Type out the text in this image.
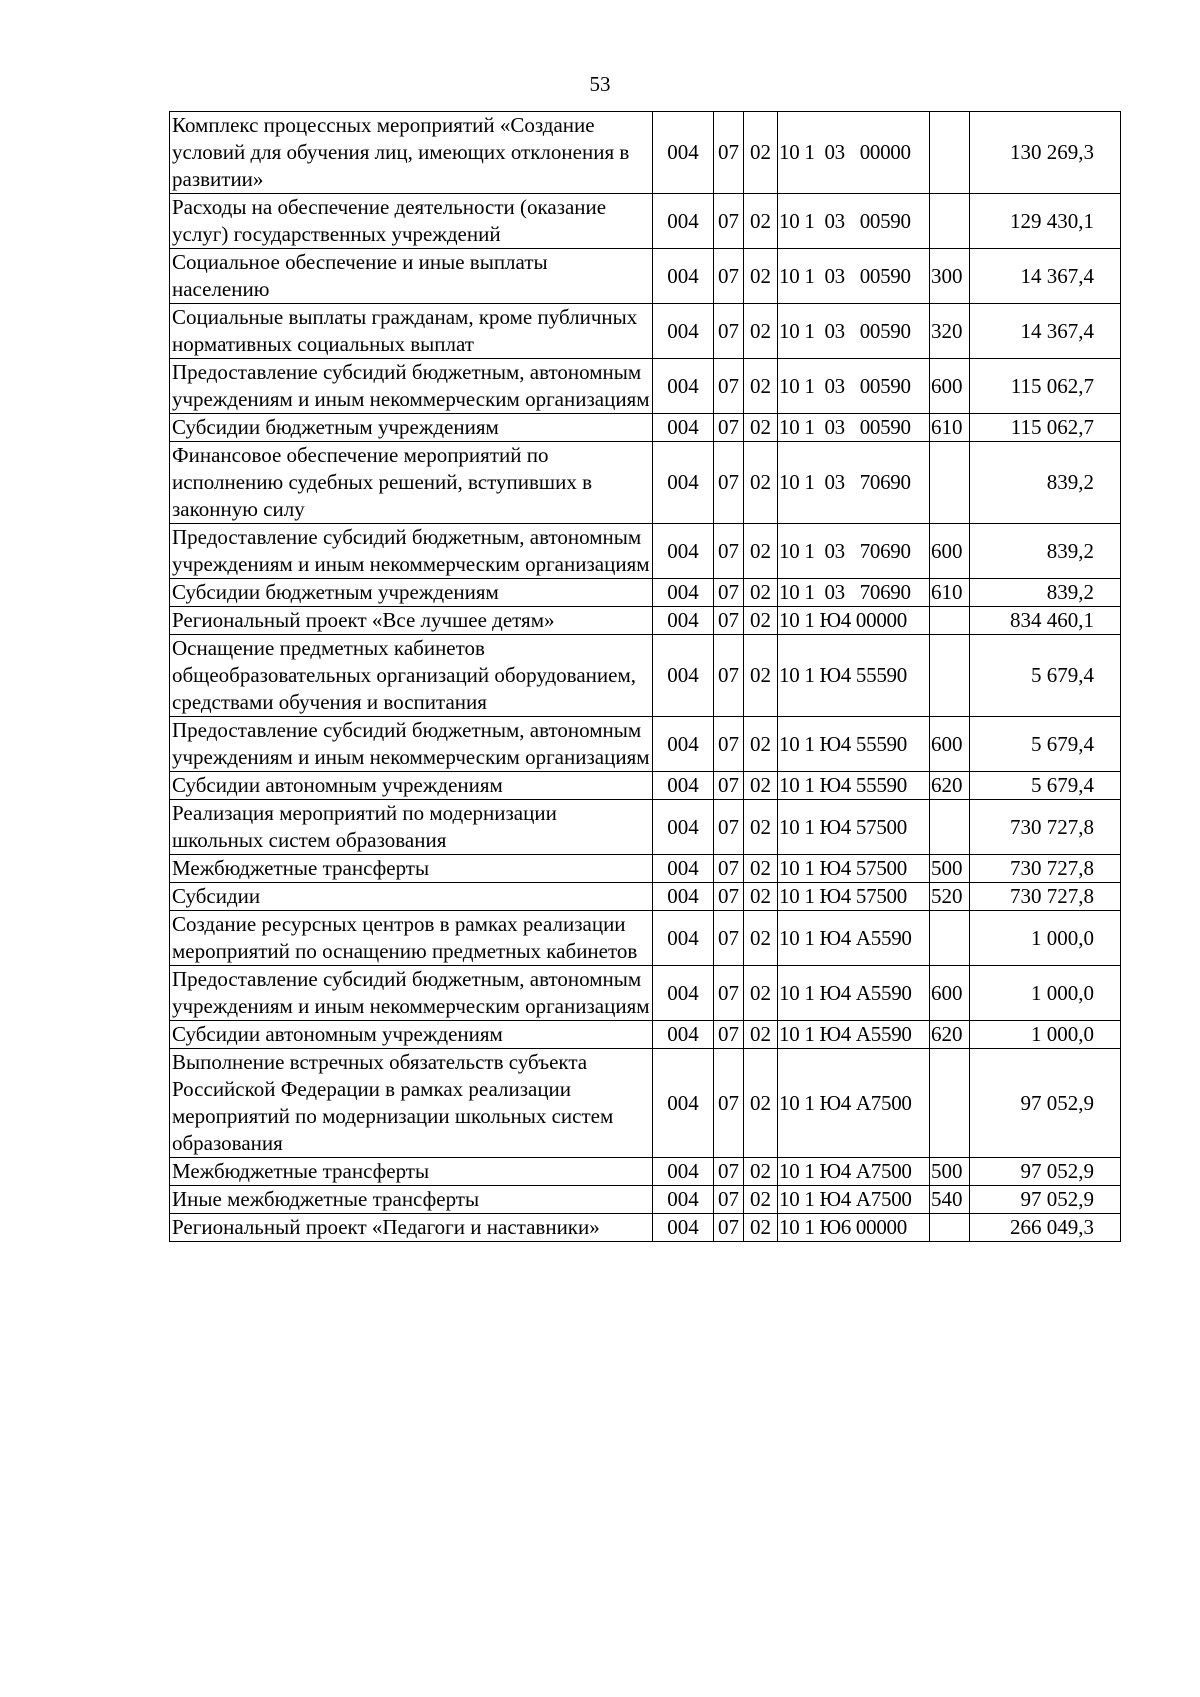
53
Комплекс процессных мероприятий «Создание условий для обучения лиц, имеющих отклонения в развитии»	004	07	02	10 1  03   00000		130 269,3
Расходы на обеспечение деятельности (оказание услуг) государственных учреждений	004	07	02	10 1  03   00590		129 430,1
Социальное обеспечение и иные выплаты населению	004	07	02	10 1  03   00590	300	14 367,4
Социальные выплаты гражданам, кроме публичных нормативных социальных выплат	004	07	02	10 1  03   00590	320	14 367,4
Предоставление субсидий бюджетным, автономным учреждениям и иным некоммерческим организациям	004	07	02	10 1  03   00590	600	115 062,7
Субсидии бюджетным учреждениям	004	07	02	10 1  03   00590	610	115 062,7
Финансовое обеспечение мероприятий по исполнению судебных решений, вступивших в законную силу	004	07	02	10 1  03   70690		839,2
Предоставление субсидий бюджетным, автономным учреждениям и иным некоммерческим организациям	004	07	02	10 1  03   70690	600	839,2
Субсидии бюджетным учреждениям	004	07	02	10 1  03   70690	610	839,2
Региональный проект «Все лучшее детям»	004	07	02	10 1 Ю4 00000		834 460,1
Оснащение предметных кабинетов общеобразовательных организаций оборудованием, средствами обучения и воспитания	004	07	02	10 1 Ю4 55590		5 679,4
Предоставление субсидий бюджетным, автономным учреждениям и иным некоммерческим организациям	004	07	02	10 1 Ю4 55590	600	5 679,4
Субсидии автономным учреждениям	004	07	02	10 1 Ю4 55590	620	5 679,4
Реализация мероприятий по модернизации школьных систем образования	004	07	02	10 1 Ю4 57500		730 727,8
Межбюджетные трансферты	004	07	02	10 1 Ю4 57500	500	730 727,8
Субсидии	004	07	02	10 1 Ю4 57500	520	730 727,8
Создание ресурсных центров в рамках реализации мероприятий по оснащению предметных кабинетов	004	07	02	10 1 Ю4 А5590		1 000,0
Предоставление субсидий бюджетным, автономным учреждениям и иным некоммерческим организациям	004	07	02	10 1 Ю4 А5590	600	1 000,0
Субсидии автономным учреждениям	004	07	02	10 1 Ю4 А5590	620	1 000,0
Выполнение встречных обязательств субъекта Российской Федерации в рамках реализации мероприятий по модернизации школьных систем образования	004	07	02	10 1 Ю4 А7500		97 052,9
Межбюджетные трансферты	004	07	02	10 1 Ю4 А7500	500	97 052,9
Иные межбюджетные трансферты	004	07	02	10 1 Ю4 А7500	540	97 052,9
Региональный проект «Педагоги и наставники»	004	07	02	10 1 Ю6 00000		266 049,3
